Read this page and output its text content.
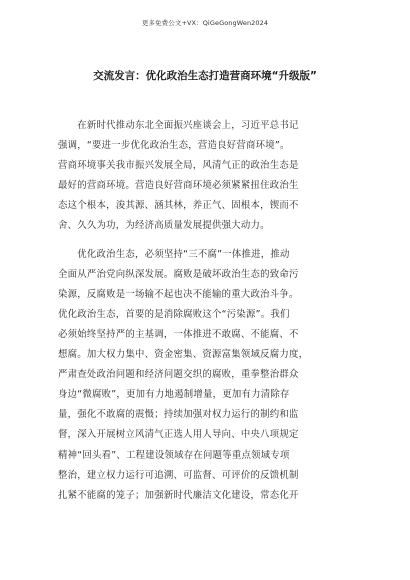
更多免费公文+VX：QiGeGongWen2024
交流发言：优化政治生态打造营商环境“升级版”
　　在新时代推动东北全面振兴座谈会上，习近平总书记
强调，“要进一步优化政治生态，营造良好营商环境”。
营商环境事关我市振兴发展全局，风清气正的政治生态是
最好的营商环境。营造良好营商环境必须紧紧扭住政治生
态这个根本，浚其源、涵其林，养正气、固根本，锲而不
舍、久久为功，为经济高质量发展提供强大动力。
　　优化政治生态，必须坚持“三不腐”一体推进，推动
全面从严治党向纵深发展。腐败是破坏政治生态的致命污
染源，反腐败是一场输不起也决不能输的重大政治斗争。
优化政治生态，首要的是消除腐败这个“污染源”。我们
必须始终坚持严的主基调，一体推进不敢腐、不能腐、不
想腐。加大权力集中、资金密集、资源富集领域反腐力度，
严肃查处政治问题和经济问题交织的腐败，重拳整治群众
身边“微腐败”，更加有力地遏制增量，更加有力清除存
量，强化不敢腐的震慑；持续加强对权力运行的制约和监
督，深入开展树立风清气正选人用人导向、中央八项规定
精神“回头看”、工程建设领域存在问题等重点领域专项
整治，建立权力运行可追溯、可监督、可评价的反馈机制
扎紧不能腐的笼子；加强新时代廉洁文化建设，常态化开
